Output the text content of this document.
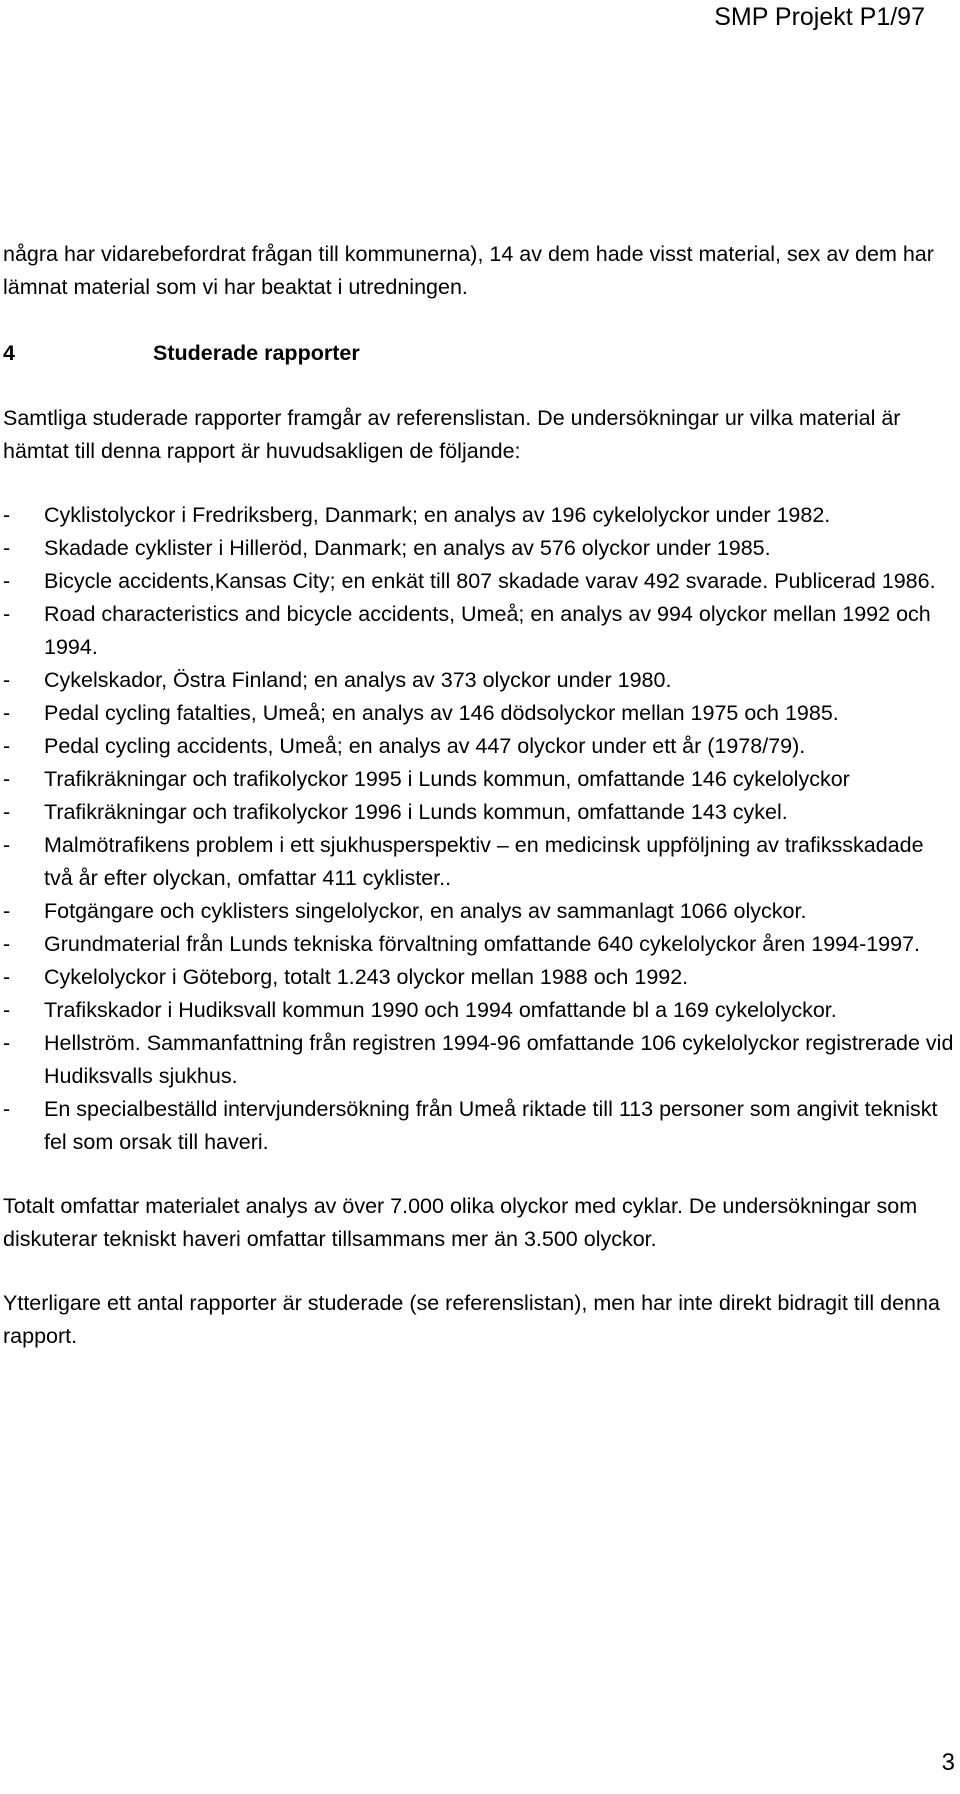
SMP Projekt P1/97

några har vidarebefordrat frågan till kommunerna), 14 av dem hade visst material, sex av dem har lämnat material som vi har beaktat i utredningen.

4	Studerade rapporter

Samtliga studerade rapporter framgår av referenslistan. De undersökningar ur vilka material är hämtat till denna rapport är huvudsakligen de följande:

-	Cyklistolyckor i Fredriksberg, Danmark; en analys av 196 cykelolyckor under 1982.
-	Skadade cyklister i Hilleröd, Danmark; en analys av 576 olyckor under 1985.
-	Bicycle accidents,Kansas City; en enkät till 807 skadade varav 492 svarade. Publicerad 1986.
-	Road characteristics and bicycle accidents, Umeå; en analys av 994 olyckor mellan 1992 och 1994.
-	Cykelskador, Östra Finland; en analys av 373 olyckor under 1980.
-	Pedal cycling fatalties, Umeå; en analys av 146 dödsolyckor mellan 1975 och 1985.
-	Pedal cycling accidents, Umeå; en analys av 447 olyckor under ett år (1978/79).
-	Trafikräkningar och trafikolyckor 1995 i Lunds kommun, omfattande 146 cykelolyckor
-	Trafikräkningar och trafikolyckor 1996 i Lunds kommun, omfattande 143 cykel.
-	Malmötrafikens problem i ett sjukhusperspektiv – en medicinsk uppföljning av trafiksskadade två år efter olyckan, omfattar 411 cyklister..
-	Fotgängare och cyklisters singelolyckor, en analys av sammanlagt 1066 olyckor.
-	Grundmaterial från Lunds tekniska förvaltning omfattande 640 cykelolyckor åren 1994-1997.
-	Cykelolyckor i Göteborg, totalt 1.243 olyckor mellan 1988 och 1992.
-	Trafikskador i Hudiksvall kommun 1990 och 1994 omfattande bl a 169 cykelolyckor.
-	Hellström. Sammanfattning från registren 1994-96 omfattande 106 cykelolyckor registrerade vid Hudiksvalls sjukhus.
-	En specialbeställd intervjundersökning från Umeå riktade till 113 personer som angivit tekniskt fel som orsak till haveri.

Totalt omfattar materialet analys av över 7.000 olika olyckor med cyklar. De undersökningar som diskuterar tekniskt haveri omfattar tillsammans mer än 3.500 olyckor.

Ytterligare ett antal rapporter är studerade (se referenslistan), men har inte direkt bidragit till denna rapport.

3
